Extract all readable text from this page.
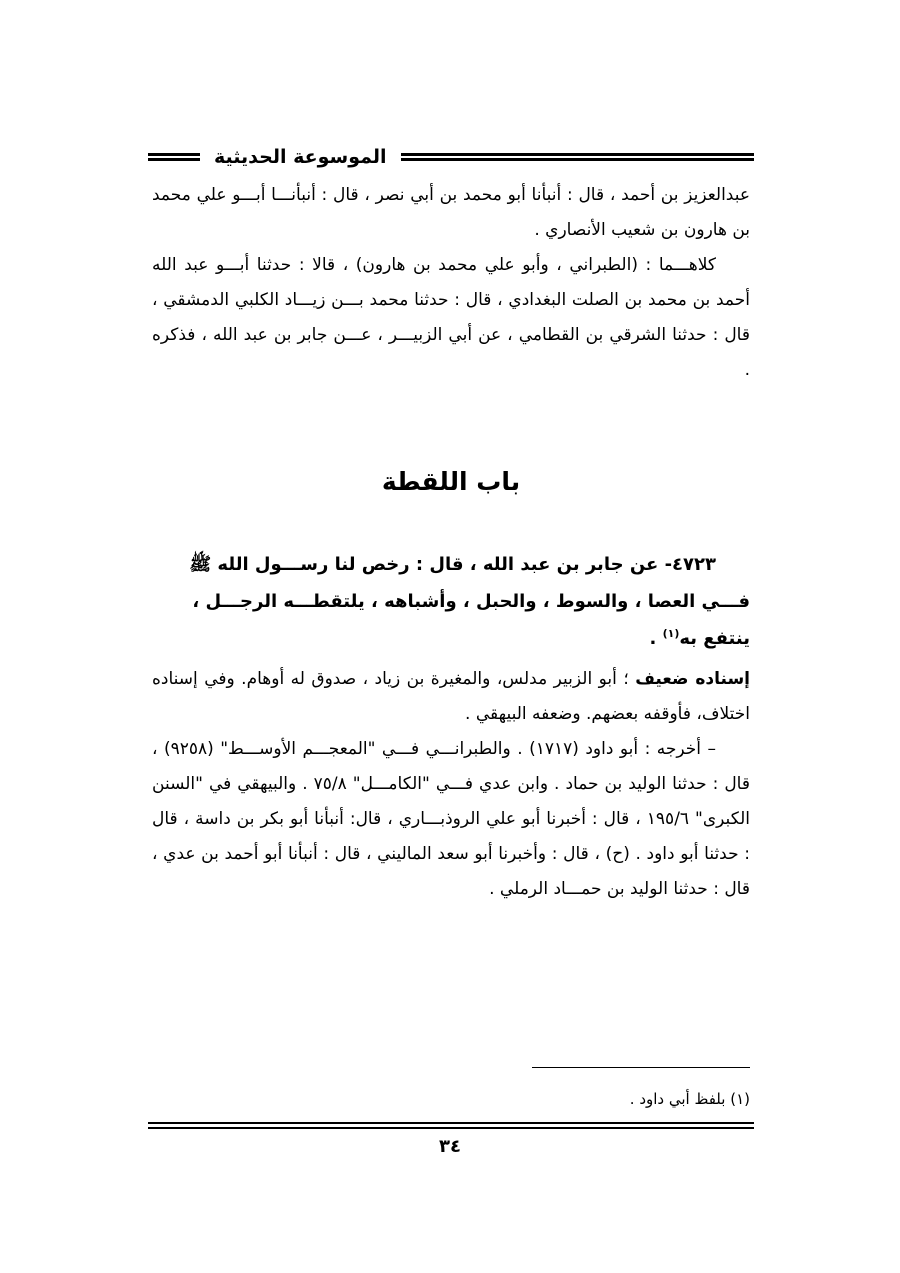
الموسوعة الحديثية

عبدالعزيز بن أحمد ، قال : أنبأنا أبو محمد بن أبي نصر ، قال : أنبأنـــا أبـــو علي محمد بن هارون بن شعيب الأنصاري .

كلاهـــما : (الطبراني ، وأبو علي محمد بن هارون) ، قالا : حدثنا أبـــو عبد الله أحمد بن محمد بن الصلت البغدادي ، قال : حدثنا محمد بـــن زيـــاد الكلبي الدمشقي ، قال : حدثنا الشرقي بن القطامي ، عن أبي الزبيـــر ، عـــن جابر بن عبد الله ، فذكره .

باب اللقطة

٤٧٢٣- عن جابر بن عبد الله ، قال : رخص لنا رســـول الله ﷺ فـــي العصا ، والسوط ، والحبل ، وأشباهه ، يلتقطـــه الرجـــل ، ينتفع به$^{(١)}$ .

إسناده ضعيف ؛ أبو الزبير مدلس، والمغيرة بن زياد ، صدوق له أوهام. وفي إسناده اختلاف، فأوقفه بعضهم. وضعفه البيهقي .

– أخرجه : أبو داود (١٧١٧) . والطبرانـــي فـــي "المعجـــم الأوســـط" (٩٢٥٨) ، قال : حدثنا الوليد بن حماد . وابن عدي فـــي "الكامـــل" ٧٥/٨ . والبيهقي في "السنن الكبرى" ١٩٥/٦ ، قال : أخبرنا أبو علي الروذبـــاري ، قال: أنبأنا أبو بكر بن داسة ، قال : حدثنا أبو داود . (ح) ، قال : وأخبرنا أبو سعد الماليني ، قال : أنبأنا أبو أحمد بن عدي ، قال : حدثنا الوليد بن حمـــاد الرملي .

(١) بلفظ أبي داود .
٣٤
